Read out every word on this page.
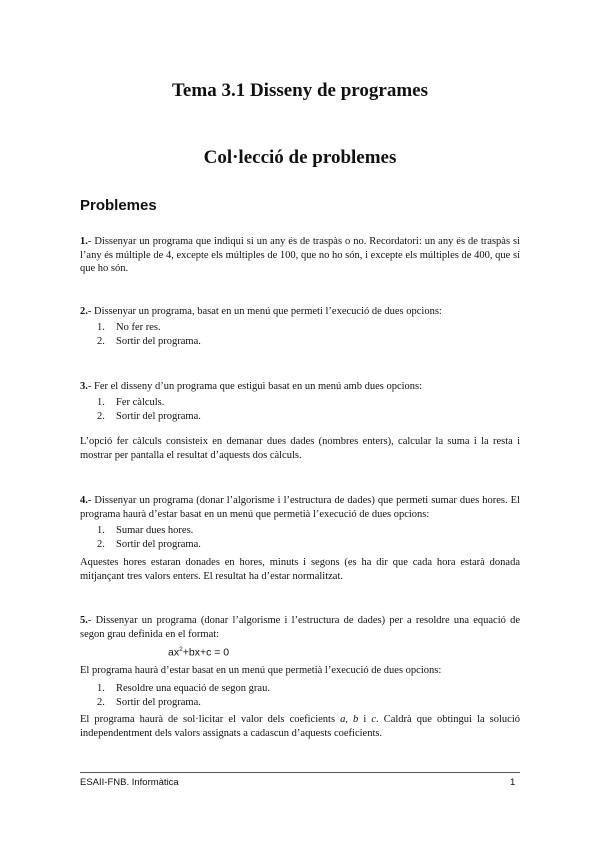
Tema 3.1 Disseny de programes
Col·lecció de problemes
Problemes

1.- Dissenyar un programa que indiqui si un any és de traspàs o no. Recordatori: un any és de traspàs si l’any és múltiple de 4, excepte els múltiples de 100, que no ho són, i excepte els múltiples de 400, que sí que ho són.

2.- Dissenyar un programa, basat en un menú que permeti l’execució de dues opcions:

1.	No fer res.
2.	Sortir del programa.

3.- Fer el disseny d’un programa que estigui basat en un menú amb dues opcions:

1.	Fer càlculs.
2.	Sortir del programa.

L’opció fer càlculs consisteix en demanar dues dades (nombres enters), calcular la suma i la resta i mostrar per pantalla el resultat d’aquests dos càlculs.

4.- Dissenyar un programa (donar l’algorisme i l’estructura de dades) que permeti sumar dues hores. El programa haurà d’estar basat en un menú que permetià l’execució de dues opcions:

1.	Sumar dues hores.
2.	Sortir del programa.

Aquestes hores estaran donades en hores, minuts i segons (es ha dir que cada hora estarà donada mitjançant tres valors enters. El resultat ha d’estar normalitzat.

5.- Dissenyar un programa (donar l’algorisme i l’estructura de dades) per a resoldre una equació de segon grau definida en el format:

$ax^2+bx+c = 0$

El programa haurà d’estar basat en un menú que permetià l’execució de dues opcions:

1.	Resoldre una equació de segon grau.
2.	Sortir del programa.

El programa haurà de sol·licitar el valor dels coeficients a, b i c. Caldrà que obtingui la solució independentment dels valors assignats a cadascun d’aquests coeficients.

ESAII-FNB. Informàtica	1
